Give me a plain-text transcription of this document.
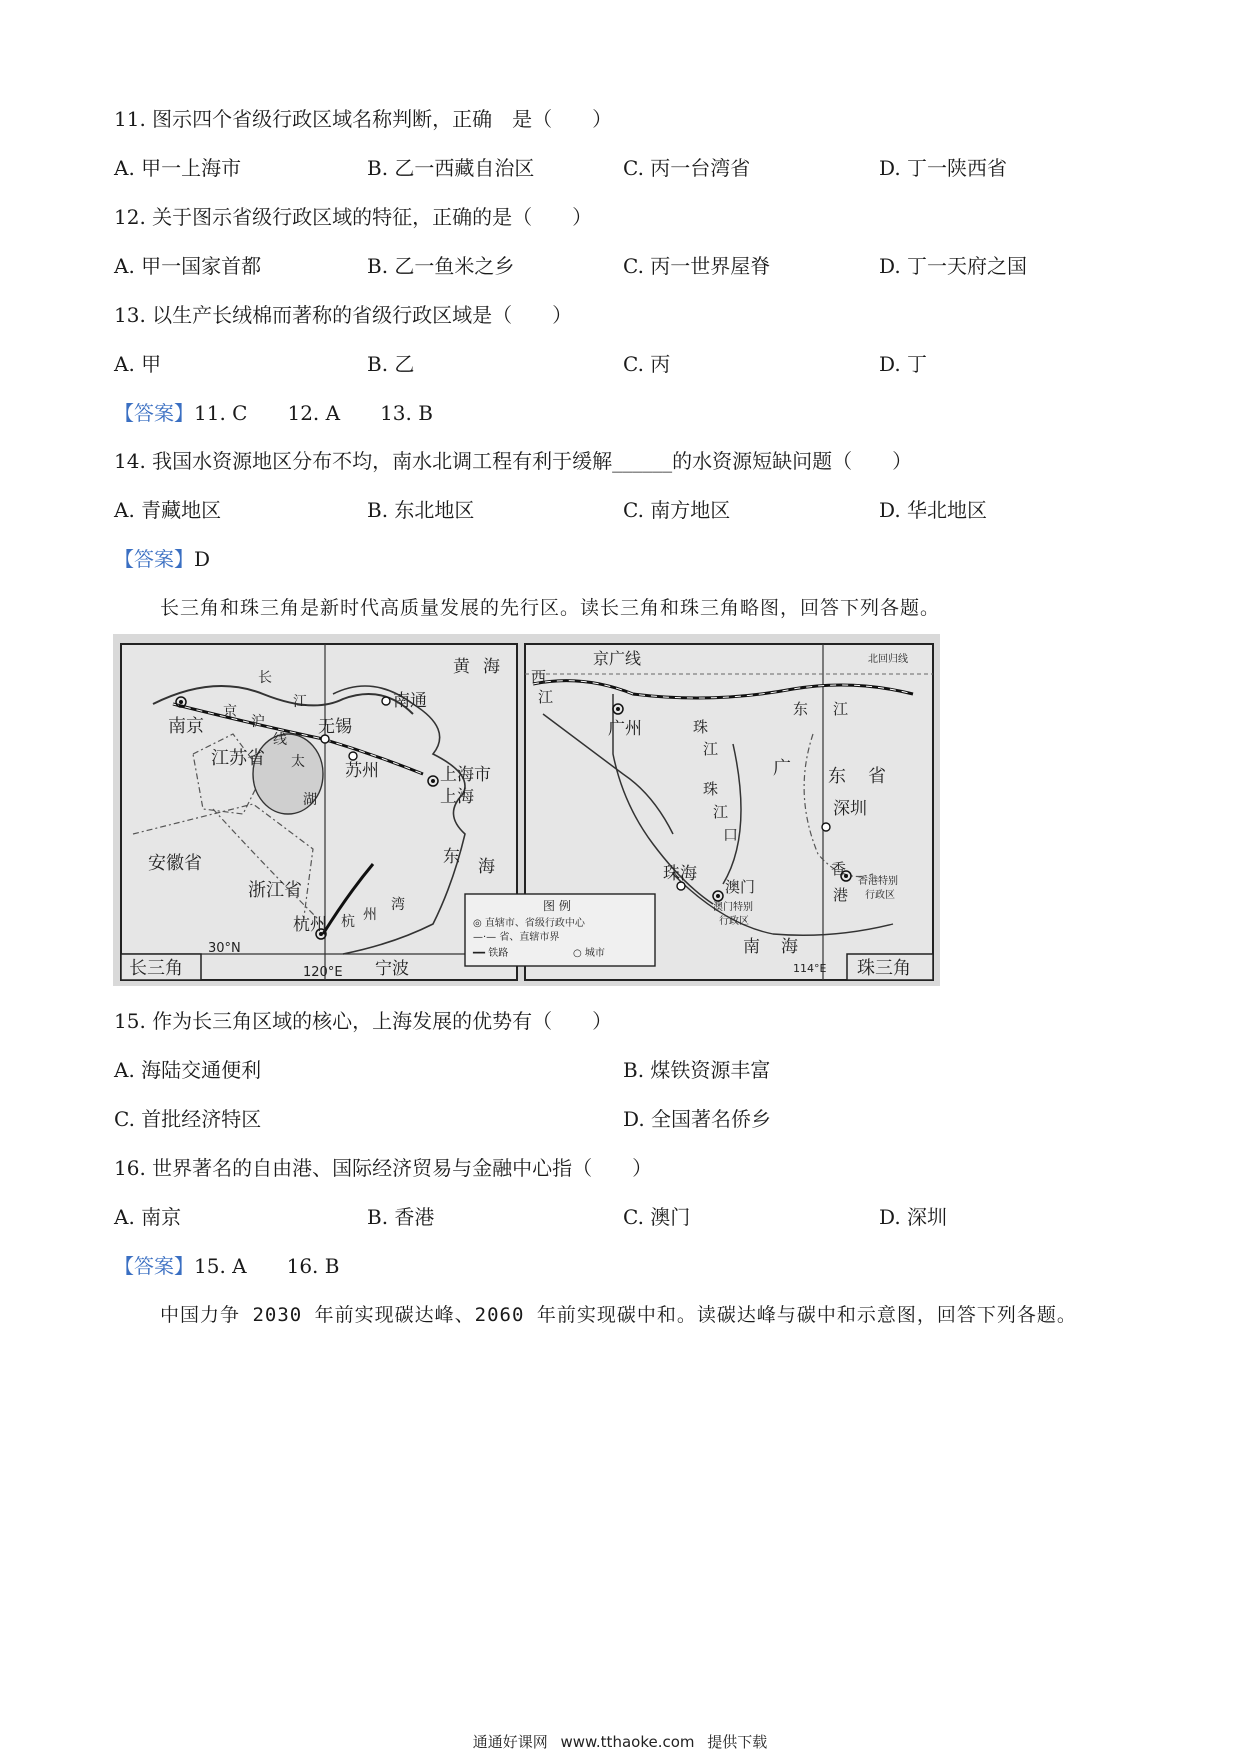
11. 图示四个省级行政区域名称判断，正确　是（　　）
A. 甲一上海市	B. 乙一西藏自治区	C. 丙一台湾省	D. 丁一陕西省
12. 关于图示省级行政区域的特征，正确的是（　　）
A. 甲一国家首都	B. 乙一鱼米之乡	C. 丙一世界屋脊	D. 丁一天府之国
13. 以生产长绒棉而著称的省级行政区域是（　　）
A. 甲	B. 乙	C. 丙	D. 丁
【答案】11. C　　12. A　　13. B
14. 我国水资源地区分布不均，南水北调工程有利于缓解______的水资源短缺问题（　　）
A. 青藏地区	B. 东北地区	C. 南方地区	D. 华北地区
【答案】D
长三角和珠三角是新时代高质量发展的先行区。读长三角和珠三角略图，回答下列各题。
黄 海
南京
京
沪
线
长
江	南通
无锡
苏州
江苏省
上海市
上海
太
湖
安徽省
浙江省
东 海
杭州 杭 州
湾
宁波
30°N
120°E
长三角
京广线	北回归线
西
江
广州	珠
江
东 江
广 东 省
珠
江
口
深圳
珠海
澳门
澳门特别
行政区
香
港
香港特别
行政区
南 海
114°E 珠三角
图 例
◎ 直辖市、省级行政中心
—·— 省、直辖市界
━━ 铁路	○ 城市
15. 作为长三角区域的核心，上海发展的优势有（　　）
A. 海陆交通便利	B. 煤铁资源丰富
C. 首批经济特区	D. 全国著名侨乡
16. 世界著名的自由港、国际经济贸易与金融中心指（　　）
A. 南京	B. 香港	C. 澳门	D. 深圳
【答案】15. A　　16. B
中国力争 2030 年前实现碳达峰、2060 年前实现碳中和。读碳达峰与碳中和示意图，回答下列各题。
通通好课网 www.tthaoke.com 提供下载
